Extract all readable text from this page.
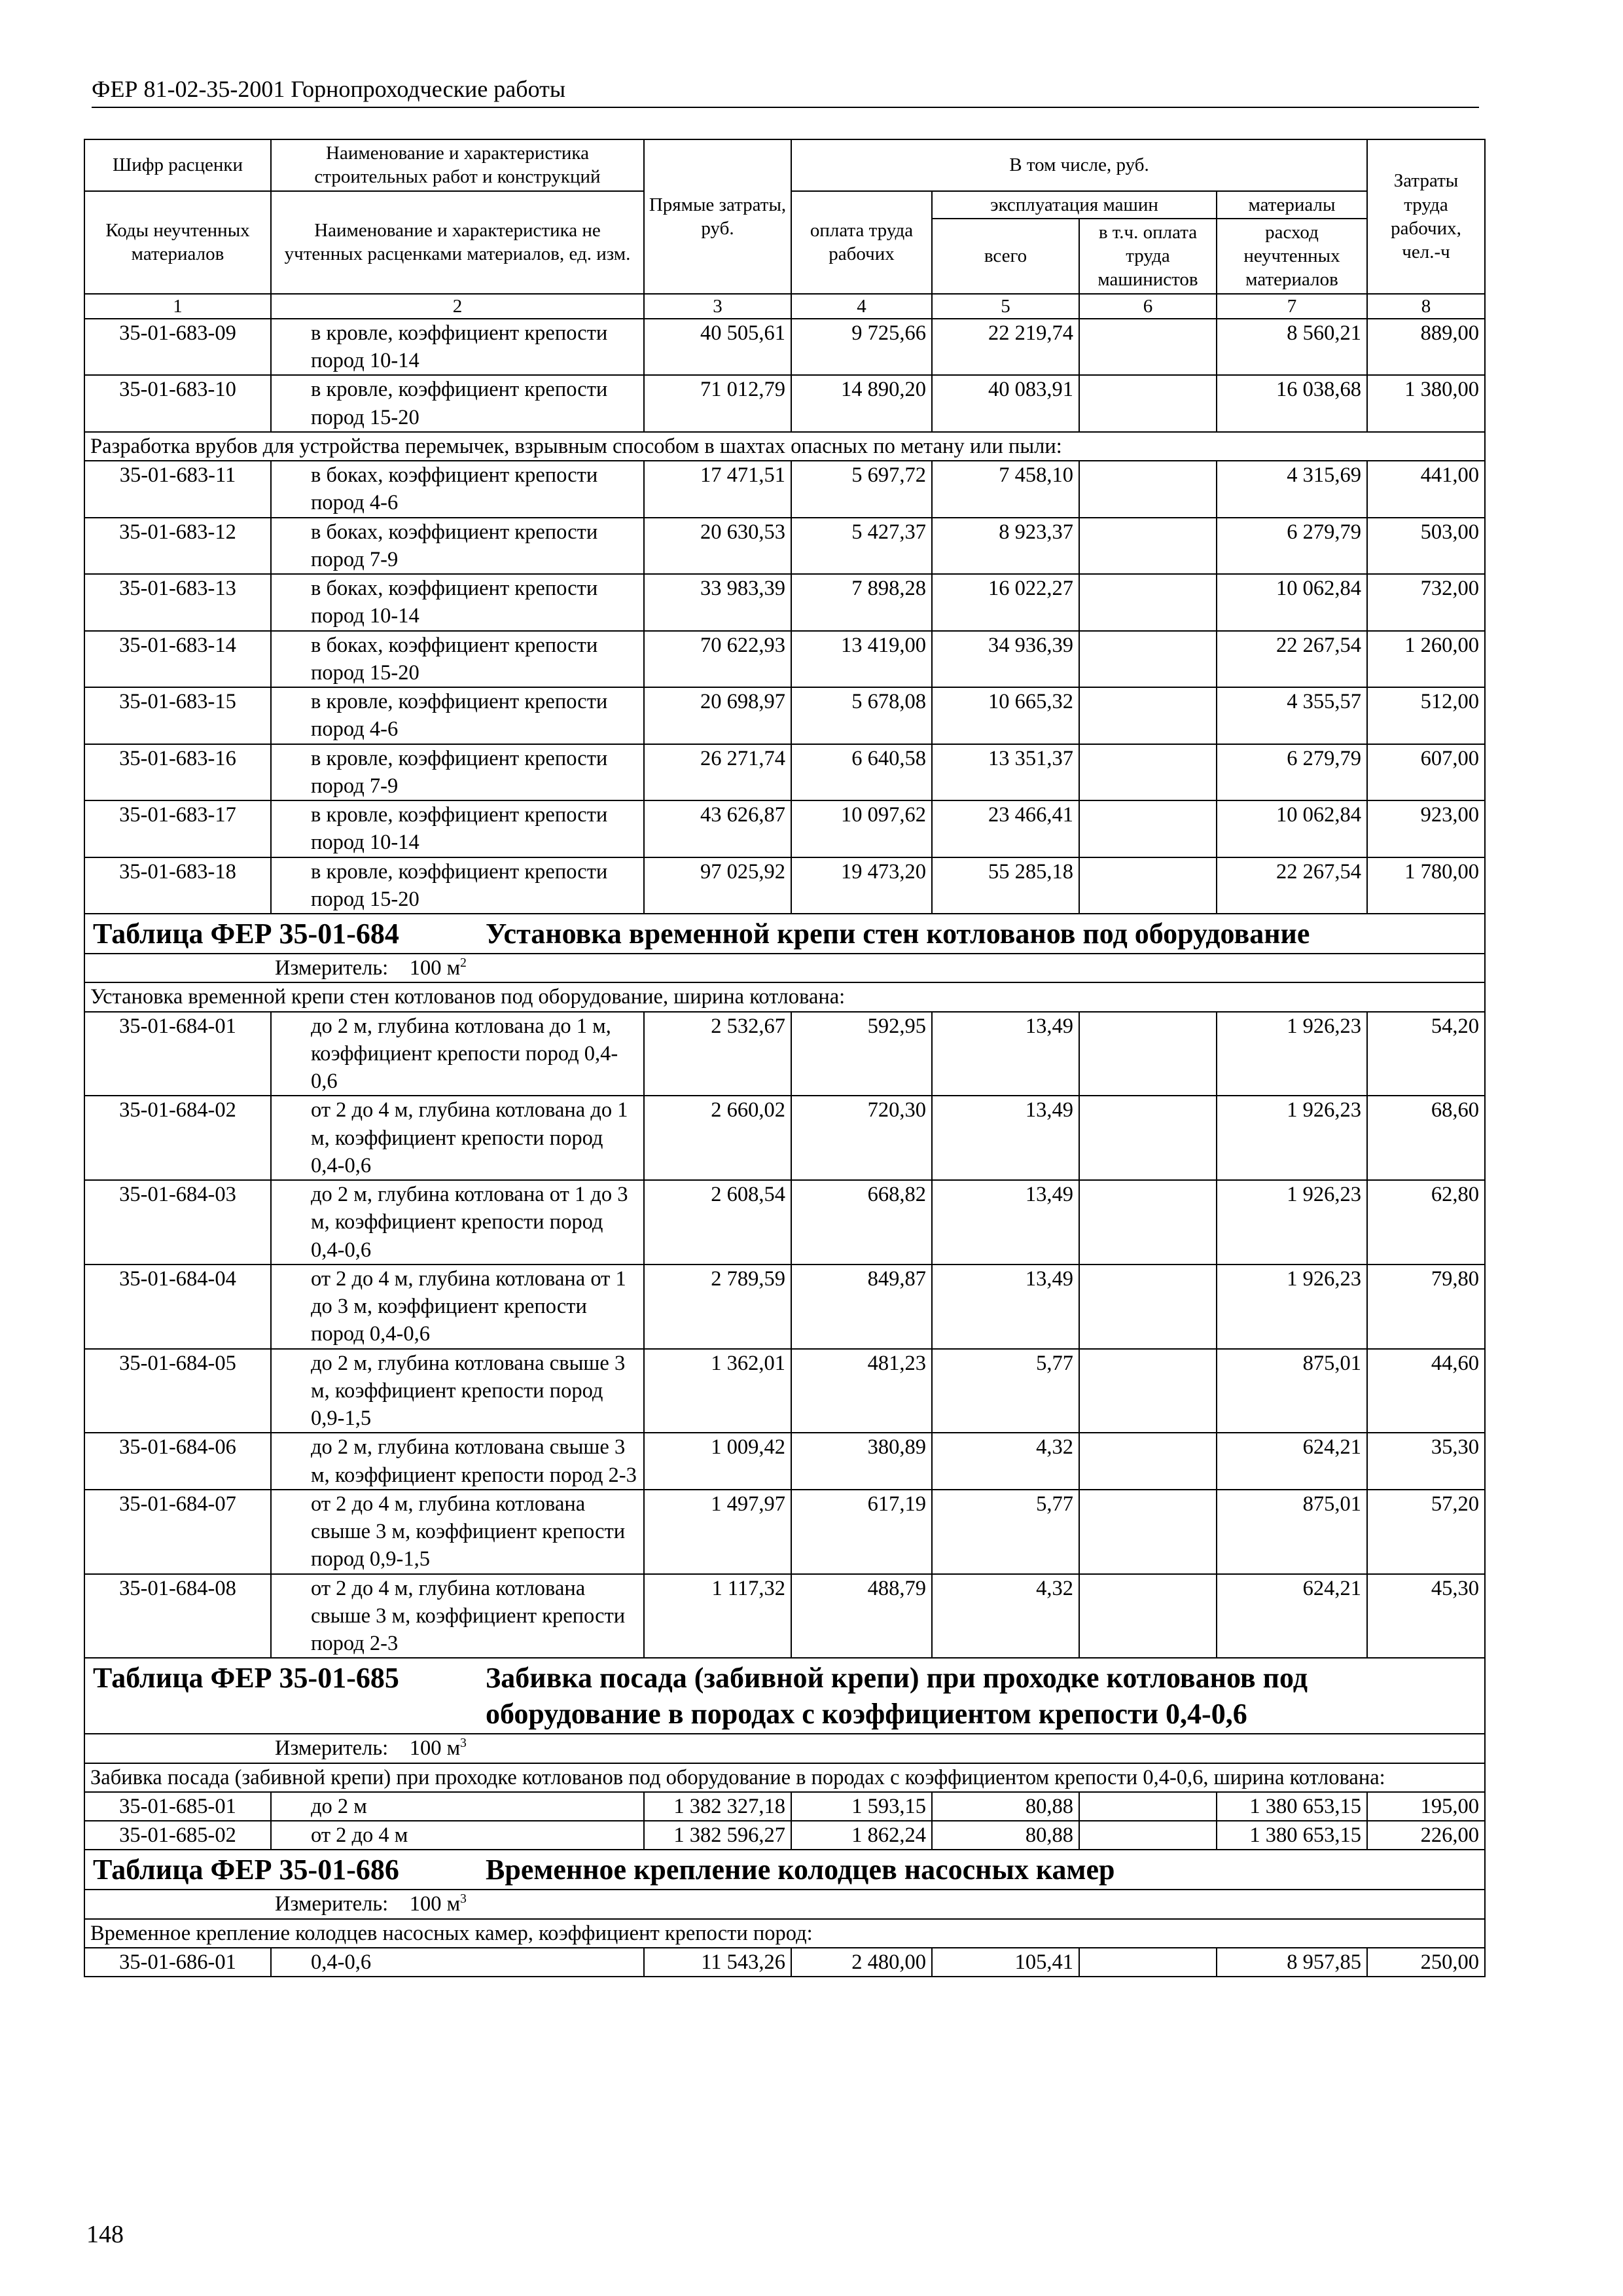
ФЕР 81-02-35-2001 Горнопроходческие работы
Шифр расценки	Наименование и характеристика строительных работ и конструкций	Прямые затраты, руб.	В том числе, руб.				Затраты труда рабочих, чел.-ч
Коды неучтенных материалов	Наименование и характеристика не учтенных расценками материалов, ед. изм.		оплата труда рабочих	эксплуатация машин		материалы	
				всего	в т.ч. оплата труда машинистов	расход неучтенных материалов	

1	2	3	4	5	6	7	8
35-01-683-09	в кровле, коэффициент крепости пород 10-14	40 505,61	9 725,66	22 219,74		8 560,21	889,00
35-01-683-10	в кровле, коэффициент крепости пород 15-20	71 012,79	14 890,20	40 083,91		16 038,68	1 380,00
Разработка врубов для устройства перемычек, взрывным способом в шахтах опасных по метану или пыли:							
35-01-683-11	в боках, коэффициент крепости пород 4-6	17 471,51	5 697,72	7 458,10		4 315,69	441,00
35-01-683-12	в боках, коэффициент крепости пород 7-9	20 630,53	5 427,37	8 923,37		6 279,79	503,00
35-01-683-13	в боках, коэффициент крепости пород 10-14	33 983,39	7 898,28	16 022,27		10 062,84	732,00
35-01-683-14	в боках, коэффициент крепости пород 15-20	70 622,93	13 419,00	34 936,39		22 267,54	1 260,00
35-01-683-15	в кровле, коэффициент крепости пород 4-6	20 698,97	5 678,08	10 665,32		4 355,57	512,00
35-01-683-16	в кровле, коэффициент крепости пород 7-9	26 271,74	6 640,58	13 351,37		6 279,79	607,00
35-01-683-17	в кровле, коэффициент крепости пород 10-14	43 626,87	10 097,62	23 466,41		10 062,84	923,00
35-01-683-18	в кровле, коэффициент крепости пород 15-20	97 025,92	19 473,20	55 285,18		22 267,54	1 780,00
Таблица ФЕР 35-01-684 Установка временной крепи стен котлованов под оборудование							
Измеритель: 100 $м^2$
Установка временной крепи стен котлованов под оборудование, ширина котлована:							
35-01-684-01	до 2 м, глубина котлована до 1 м, коэффициент крепости пород 0,4-0,6	2 532,67	592,95	13,49		1 926,23	54,20
35-01-684-02	от 2 до 4 м, глубина котлована до 1 м, коэффициент крепости пород 0,4-0,6	2 660,02	720,30	13,49		1 926,23	68,60
35-01-684-03	до 2 м, глубина котлована от 1 до 3 м, коэффициент крепости пород 0,4-0,6	2 608,54	668,82	13,49		1 926,23	62,80
35-01-684-04	от 2 до 4 м, глубина котлована от 1 до 3 м, коэффициент крепости пород 0,4-0,6	2 789,59	849,87	13,49		1 926,23	79,80
35-01-684-05	до 2 м, глубина котлована свыше 3 м, коэффициент крепости пород 0,9-1,5	1 362,01	481,23	5,77		875,01	44,60
35-01-684-06	до 2 м, глубина котлована свыше 3 м, коэффициент крепости пород 2-3	1 009,42	380,89	4,32		624,21	35,30
35-01-684-07	от 2 до 4 м, глубина котлована свыше 3 м, коэффициент крепости пород 0,9-1,5	1 497,97	617,19	5,77		875,01	57,20
35-01-684-08	от 2 до 4 м, глубина котлована свыше 3 м, коэффициент крепости пород 2-3	1 117,32	488,79	4,32		624,21	45,30
Таблица ФЕР 35-01-685 Забивка посада (забивной крепи) при проходке котлованов под оборудование в породах с коэффициентом крепости 0,4-0,6							
Измеритель: 100 $м^3$
Забивка посада (забивной крепи) при проходке котлованов под оборудование в породах с коэффициентом крепости 0,4-0,6, ширина котлована:							
35-01-685-01	до 2 м	1 382 327,18	1 593,15	80,88		1 380 653,15	195,00
35-01-685-02	от 2 до 4 м	1 382 596,27	1 862,24	80,88		1 380 653,15	226,00
Таблица ФЕР 35-01-686 Временное крепление колодцев насосных камер							
Измеритель: 100 $м^3$
Временное крепление колодцев насосных камер, коэффициент крепости пород:							
35-01-686-01	0,4-0,6	11 543,26	2 480,00	105,41		8 957,85	250,00
148
